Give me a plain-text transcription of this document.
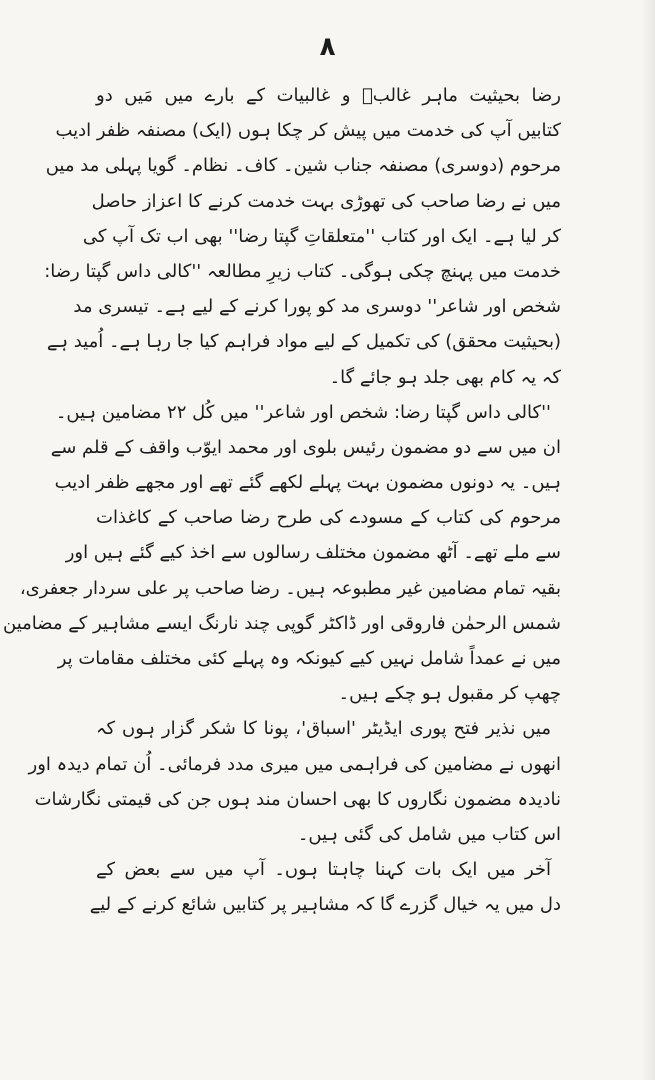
۸
رضا بحیثیت ماہر غالبؔ و غالبیات کے بارے میں مَیں دو
کتابیں آپ کی خدمت میں پیش کر چکا ہوں (ایک) مصنفہ ظفر ادیب
مرحوم (دوسری) مصنفہ جناب شین۔ کاف۔ نظام۔ گویا پہلی مد میں
میں نے رضا صاحب کی تھوڑی بہت خدمت کرنے کا اعزاز حاصل
کر لیا ہے۔ ایک اور کتاب ''متعلقاتِ گپتا رضا'' بھی اب تک آپ کی
خدمت میں پہنچ چکی ہوگی۔ کتاب زیرِ مطالعہ ''کالی داس گپتا رضا:
شخص اور شاعر'' دوسری مد کو پورا کرنے کے لیے ہے۔ تیسری مد
(بحیثیت محقق) کی تکمیل کے لیے مواد فراہم کیا جا رہا ہے۔ اُمید ہے
کہ یہ کام بھی جلد ہو جائے گا۔
''کالی داس گپتا رضا: شخص اور شاعر'' میں کُل ۲۲ مضامین ہیں۔
ان میں سے دو مضمون رئیس بلوی اور محمد ایوّب واقف کے قلم سے
ہیں۔ یہ دونوں مضمون بہت پہلے لکھے گئے تھے اور مجھے ظفر ادیب
مرحوم کی کتاب کے مسودے کی طرح رضا صاحب کے کاغذات
سے ملے تھے۔ آٹھ مضمون مختلف رسالوں سے اخذ کیے گئے ہیں اور
بقیہ تمام مضامین غیر مطبوعہ ہیں۔ رضا صاحب پر علی سردار جعفری،
شمس الرحمٰن فاروقی اور ڈاکٹر گوپی چند نارنگ ایسے مشاہیر کے مضامین
میں نے عمداً شامل نہیں کیے کیونکہ وہ پہلے کئی مختلف مقامات پر
چھپ کر مقبول ہو چکے ہیں۔
میں نذیر فتح پوری ایڈیٹر 'اسباق'، پونا کا شکر گزار ہوں کہ
انھوں نے مضامین کی فراہمی میں میری مدد فرمائی۔ اُن تمام دیدہ اور
نادیدہ مضمون نگاروں کا بھی احسان مند ہوں جن کی قیمتی نگارشات
اس کتاب میں شامل کی گئی ہیں۔
آخر میں ایک بات کہنا چاہتا ہوں۔ آپ میں سے بعض کے
دل میں یہ خیال گزرے گا کہ مشاہیر پر کتابیں شائع کرنے کے لیے
